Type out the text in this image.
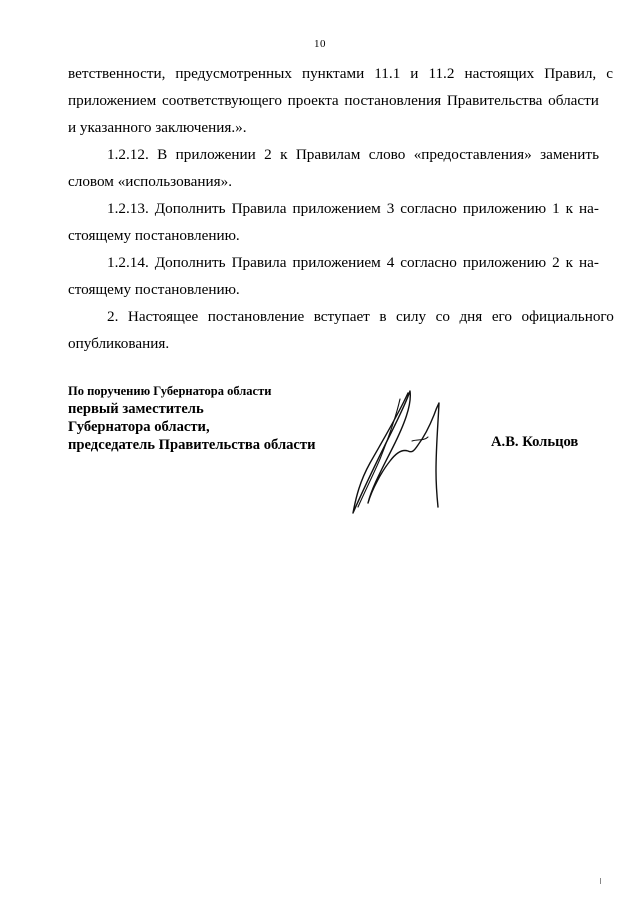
10
ветственности, предусмотренных пунктами 11.1 и 11.2 настоящих Правил, с
приложением соответствующего проекта постановления Правительства области
и указанного заключения.».
1.2.12. В приложении 2 к Правилам слово «предоставления» заменить
словом «использования».
1.2.13. Дополнить Правила приложением 3 согласно приложению 1 к на-
стоящему постановлению.
1.2.14. Дополнить Правила приложением 4 согласно приложению 2 к на-
стоящему постановлению.
2. Настоящее постановление вступает в силу со дня его официального
опубликования.
По поручению Губернатора области
первый заместитель
Губернатора области,
председатель Правительства области	А.В. Кольцов
